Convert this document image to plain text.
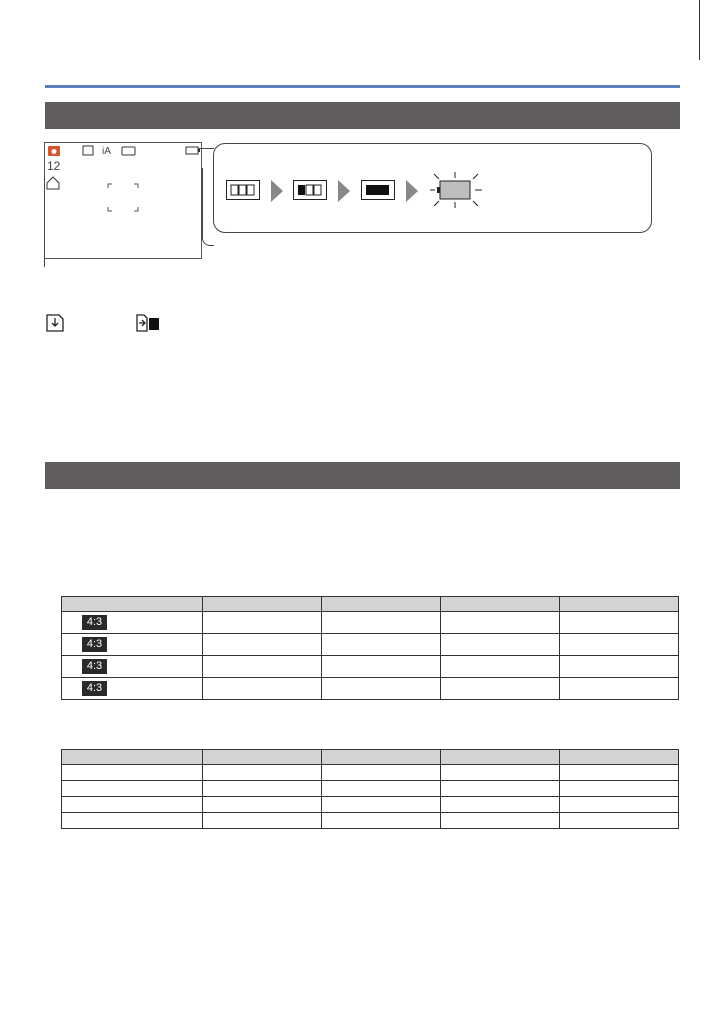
iA
12

4:3				
4:3				
4:3				
4:3				
